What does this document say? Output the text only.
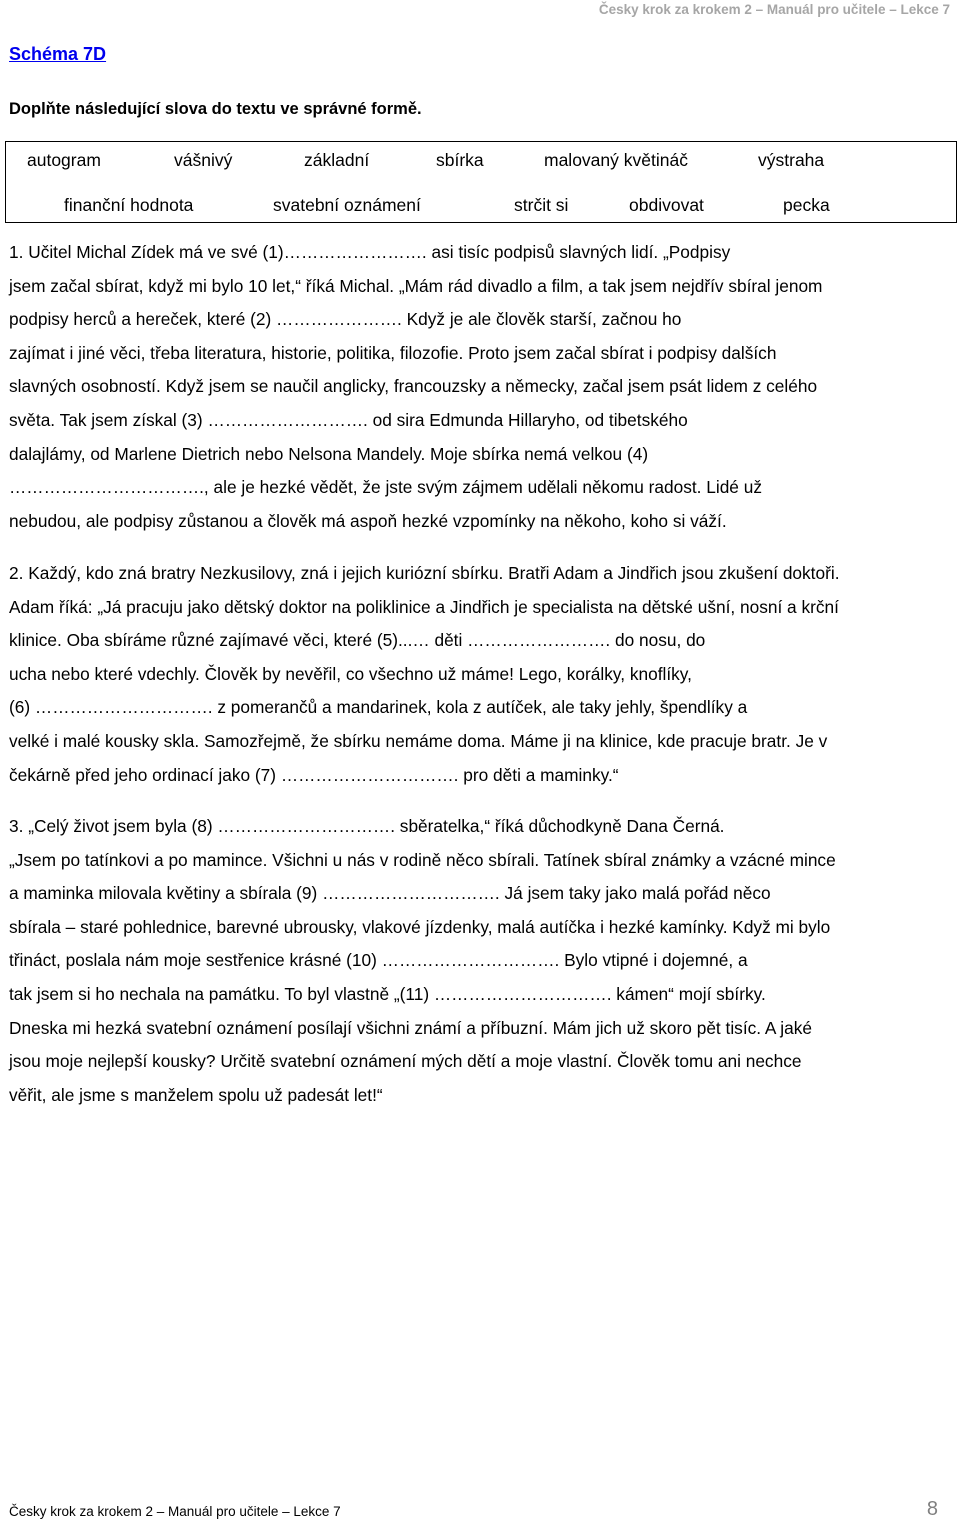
Česky krok za krokem 2 – Manuál pro učitele – Lekce 7
Schéma 7D
Doplňte následující slova do textu ve správné formě.
autogram	vášnivý	základní	sbírka	malovaný květináč	výstraha
finanční hodnota	svatební oznámení	strčit si	obdivovat	pecka
1. Učitel Michal Zídek má ve své (1)……………………. asi tisíc podpisů slavných lidí. „Podpisy
jsem začal sbírat, když mi bylo 10 let,“ říká Michal. „Mám rád divadlo a film, a tak jsem nejdřív sbíral jenom
podpisy herců a hereček, které (2) …………………. Když je ale člověk starší, začnou ho
zajímat i jiné věci, třeba literatura, historie, politika, filozofie. Proto jsem začal sbírat i podpisy dalších
slavných osobností. Když jsem se naučil anglicky, francouzsky a německy, začal jsem psát lidem z celého
světa. Tak jsem získal (3) ………………………. od sira Edmunda Hillaryho, od tibetského
dalajlámy, od Marlene Dietrich nebo Nelsona Mandely. Moje sbírka nemá velkou (4)
……………………………., ale je hezké vědět, že jste svým zájmem udělali někomu radost. Lidé už
nebudou, ale podpisy zůstanou a člověk má aspoň hezké vzpomínky na někoho, koho si váží.
2. Každý, kdo zná bratry Nezkusilovy, zná i jejich kuriózní sbírku. Bratři Adam a Jindřich jsou zkušení doktoři.
Adam říká: „Já pracuju jako dětský doktor na poliklinice a Jindřich je specialista na dětské ušní, nosní a krční
klinice. Oba sbíráme různé zajímavé věci, které (5)...… děti ……………………. do nosu, do
ucha nebo které vdechly. Člověk by nevěřil, co všechno už máme! Lego, korálky, knoflíky,
(6) …………………………. z pomerančů a mandarinek, kola z autíček, ale taky jehly, špendlíky a
velké i malé kousky skla. Samozřejmě, že sbírku nemáme doma. Máme ji na klinice, kde pracuje bratr. Je v
čekárně před jeho ordinací jako (7) …………………………. pro děti a maminky.“
3. „Celý život jsem byla (8) …………………………. sběratelka,“ říká důchodkyně Dana Černá.
„Jsem po tatínkovi a po mamince. Všichni u nás v rodině něco sbírali. Tatínek sbíral známky a vzácné mince
a maminka milovala květiny a sbírala (9) …………………………. Já jsem taky jako malá pořád něco
sbírala – staré pohlednice, barevné ubrousky, vlakové jízdenky, malá autíčka i hezké kamínky. Když mi bylo
třináct, poslala nám moje sestřenice krásné (10) …………………………. Bylo vtipné i dojemné, a
tak jsem si ho nechala na památku. To byl vlastně „(11) …………………………. kámen“ mojí sbírky.
Dneska mi hezká svatební oznámení posílají všichni známí a příbuzní. Mám jich už skoro pět tisíc. A jaké
jsou moje nejlepší kousky? Určitě svatební oznámení mých dětí a moje vlastní. Člověk tomu ani nechce
věřit, ale jsme s manželem spolu už padesát let!“
Česky krok za krokem 2 – Manuál pro učitele – Lekce 7	8
